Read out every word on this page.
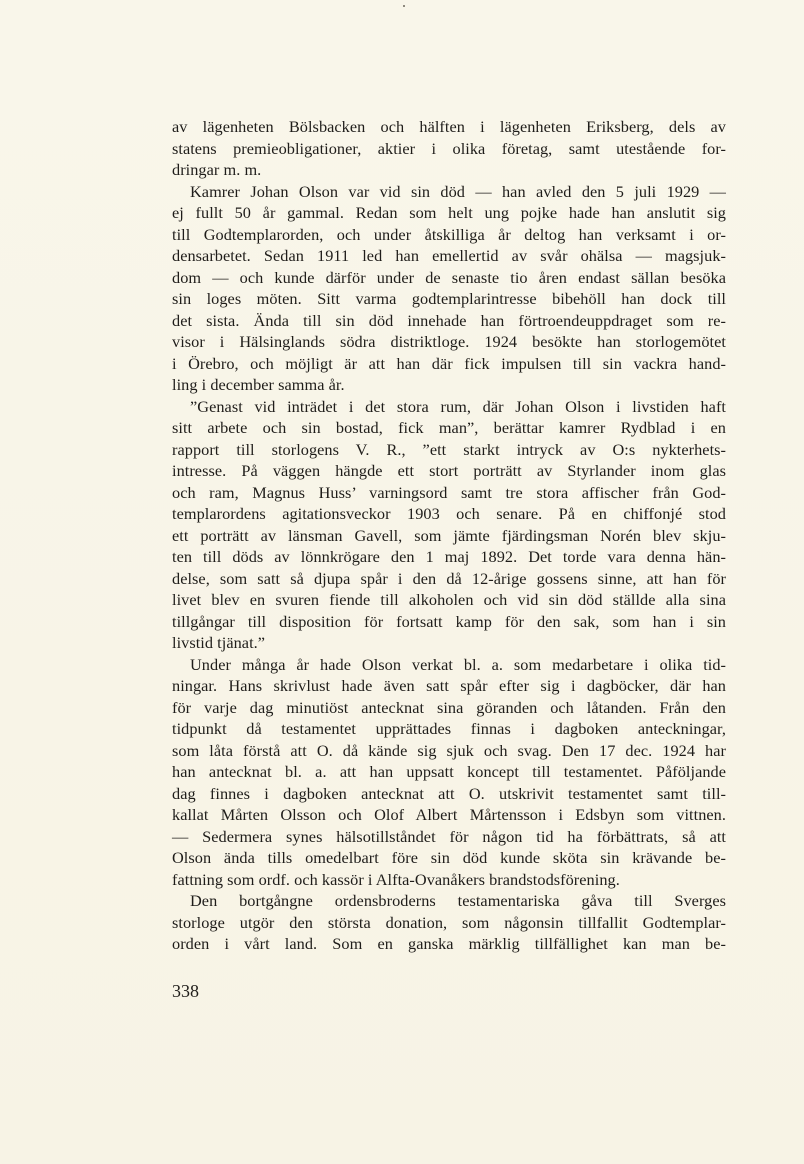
av lägenheten Bölsbacken och hälften i lägenheten Eriksberg, dels av
statens premieobligationer, aktier i olika företag, samt utestående for-
dringar m. m.
Kamrer Johan Olson var vid sin död — han avled den 5 juli 1929 —
ej fullt 50 år gammal. Redan som helt ung pojke hade han anslutit sig
till Godtemplarorden, och under åtskilliga år deltog han verksamt i or-
densarbetet. Sedan 1911 led han emellertid av svår ohälsa — magsjuk-
dom — och kunde därför under de senaste tio åren endast sällan besöka
sin loges möten. Sitt varma godtemplarintresse bibehöll han dock till
det sista. Ända till sin död innehade han förtroendeuppdraget som re-
visor i Hälsinglands södra distriktloge. 1924 besökte han storlogemötet
i Örebro, och möjligt är att han där fick impulsen till sin vackra hand-
ling i december samma år.
”Genast vid inträdet i det stora rum, där Johan Olson i livstiden haft
sitt arbete och sin bostad, fick man”, berättar kamrer Rydblad i en
rapport till storlogens V. R., ”ett starkt intryck av O:s nykterhets-
intresse. På väggen hängde ett stort porträtt av Styrlander inom glas
och ram, Magnus Huss’ varningsord samt tre stora affischer från God-
templarordens agitationsveckor 1903 och senare. På en chiffonjé stod
ett porträtt av länsman Gavell, som jämte fjärdingsman Norén blev skju-
ten till döds av lönnkrögare den 1 maj 1892. Det torde vara denna hän-
delse, som satt så djupa spår i den då 12-årige gossens sinne, att han för
livet blev en svuren fiende till alkoholen och vid sin död ställde alla sina
tillgångar till disposition för fortsatt kamp för den sak, som han i sin
livstid tjänat.”
Under många år hade Olson verkat bl. a. som medarbetare i olika tid-
ningar. Hans skrivlust hade även satt spår efter sig i dagböcker, där han
för varje dag minutiöst antecknat sina göranden och låtanden. Från den
tidpunkt då testamentet upprättades finnas i dagboken anteckningar,
som låta förstå att O. då kände sig sjuk och svag. Den 17 dec. 1924 har
han antecknat bl. a. att han uppsatt koncept till testamentet. Påföljande
dag finnes i dagboken antecknat att O. utskrivit testamentet samt till-
kallat Mårten Olsson och Olof Albert Mårtensson i Edsbyn som vittnen.
— Sedermera synes hälsotillståndet för någon tid ha förbättrats, så att
Olson ända tills omedelbart före sin död kunde sköta sin krävande be-
fattning som ordf. och kassör i Alfta-Ovanåkers brandstodsförening.
Den bortgångne ordensbroderns testamentariska gåva till Sverges
storloge utgör den största donation, som någonsin tillfallit Godtemplar-
orden i vårt land. Som en ganska märklig tillfällighet kan man be-
338
